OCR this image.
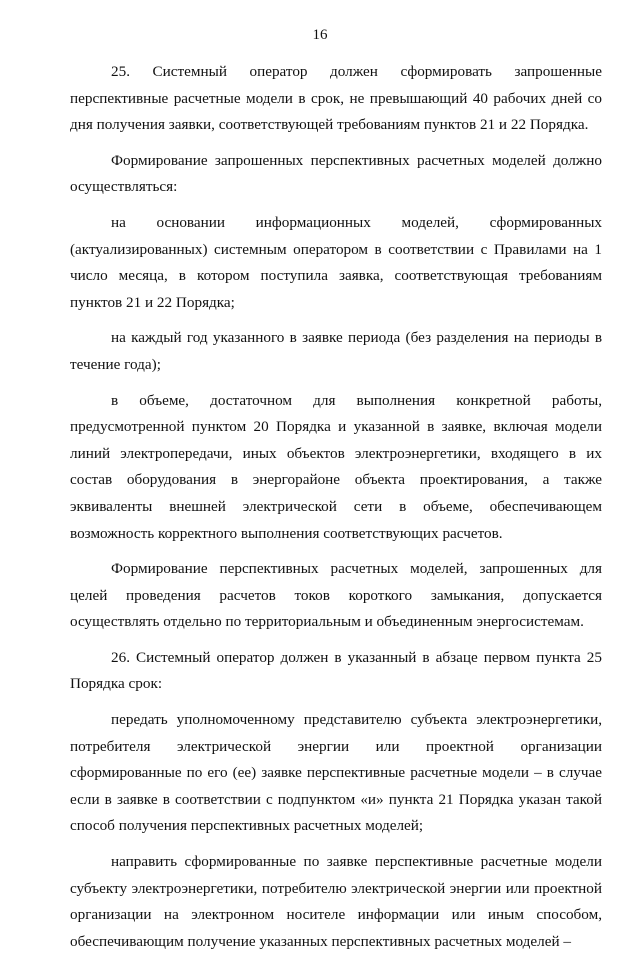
16

25. Системный оператор должен сформировать запрошенные перспективные расчетные модели в срок, не превышающий 40 рабочих дней со дня получения заявки, соответствующей требованиям пунктов 21 и 22 Порядка.

Формирование запрошенных перспективных расчетных моделей должно осуществляться:

на основании информационных моделей, сформированных (актуализированных) системным оператором в соответствии с Правилами на 1 число месяца, в котором поступила заявка, соответствующая требованиям пунктов 21 и 22 Порядка;

на каждый год указанного в заявке периода (без разделения на периоды в течение года);

в объеме, достаточном для выполнения конкретной работы, предусмотренной пунктом 20 Порядка и указанной в заявке, включая модели линий электропередачи, иных объектов электроэнергетики, входящего в их состав оборудования в энергорайоне объекта проектирования, а также эквиваленты внешней электрической сети в объеме, обеспечивающем возможность корректного выполнения соответствующих расчетов.

Формирование перспективных расчетных моделей, запрошенных для целей проведения расчетов токов короткого замыкания, допускается осуществлять отдельно по территориальным и объединенным энергосистемам.

26. Системный оператор должен в указанный в абзаце первом пункта 25 Порядка срок:

передать уполномоченному представителю субъекта электроэнергетики, потребителя электрической энергии или проектной организации сформированные по его (ее) заявке перспективные расчетные модели – в случае если в заявке в соответствии с подпунктом «и» пункта 21 Порядка указан такой способ получения перспективных расчетных моделей;

направить сформированные по заявке перспективные расчетные модели субъекту электроэнергетики, потребителю электрической энергии или проектной организации на электронном носителе информации или иным способом, обеспечивающим получение указанных перспективных расчетных моделей –
